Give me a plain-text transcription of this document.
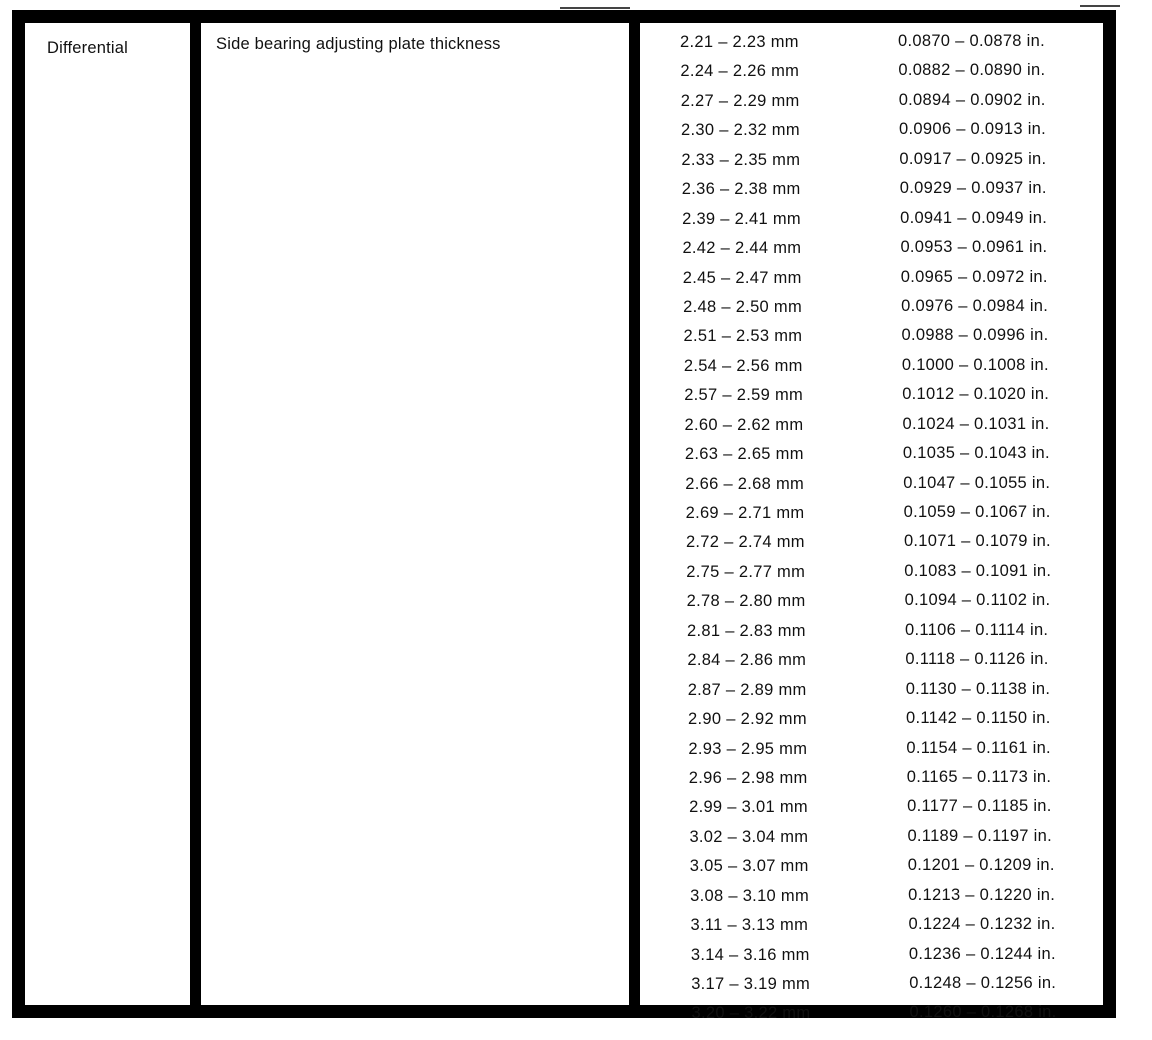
Differential	Side bearing adjusting plate thickness	2.21 – 2.23 mm	0.0870 – 0.0878 in.
2.24 – 2.26 mm	0.0882 – 0.0890 in.
2.27 – 2.29 mm	0.0894 – 0.0902 in.
2.30 – 2.32 mm	0.0906 – 0.0913 in.
2.33 – 2.35 mm	0.0917 – 0.0925 in.
2.36 – 2.38 mm	0.0929 – 0.0937 in.
2.39 – 2.41 mm	0.0941 – 0.0949 in.
2.42 – 2.44 mm	0.0953 – 0.0961 in.
2.45 – 2.47 mm	0.0965 – 0.0972 in.
2.48 – 2.50 mm	0.0976 – 0.0984 in.
2.51 – 2.53 mm	0.0988 – 0.0996 in.
2.54 – 2.56 mm	0.1000 – 0.1008 in.
2.57 – 2.59 mm	0.1012 – 0.1020 in.
2.60 – 2.62 mm	0.1024 – 0.1031 in.
2.63 – 2.65 mm	0.1035 – 0.1043 in.
2.66 – 2.68 mm	0.1047 – 0.1055 in.
2.69 – 2.71 mm	0.1059 – 0.1067 in.
2.72 – 2.74 mm	0.1071 – 0.1079 in.
2.75 – 2.77 mm	0.1083 – 0.1091 in.
2.78 – 2.80 mm	0.1094 – 0.1102 in.
2.81 – 2.83 mm	0.1106 – 0.1114 in.
2.84 – 2.86 mm	0.1118 – 0.1126 in.
2.87 – 2.89 mm	0.1130 – 0.1138 in.
2.90 – 2.92 mm	0.1142 – 0.1150 in.
2.93 – 2.95 mm	0.1154 – 0.1161 in.
2.96 – 2.98 mm	0.1165 – 0.1173 in.
2.99 – 3.01 mm	0.1177 – 0.1185 in.
3.02 – 3.04 mm	0.1189 – 0.1197 in.
3.05 – 3.07 mm	0.1201 – 0.1209 in.
3.08 – 3.10 mm	0.1213 – 0.1220 in.
3.11 – 3.13 mm	0.1224 – 0.1232 in.
3.14 – 3.16 mm	0.1236 – 0.1244 in.
3.17 – 3.19 mm	0.1248 – 0.1256 in.
3.20 – 3.22 mm	0.1260 – 0.1268 in.
